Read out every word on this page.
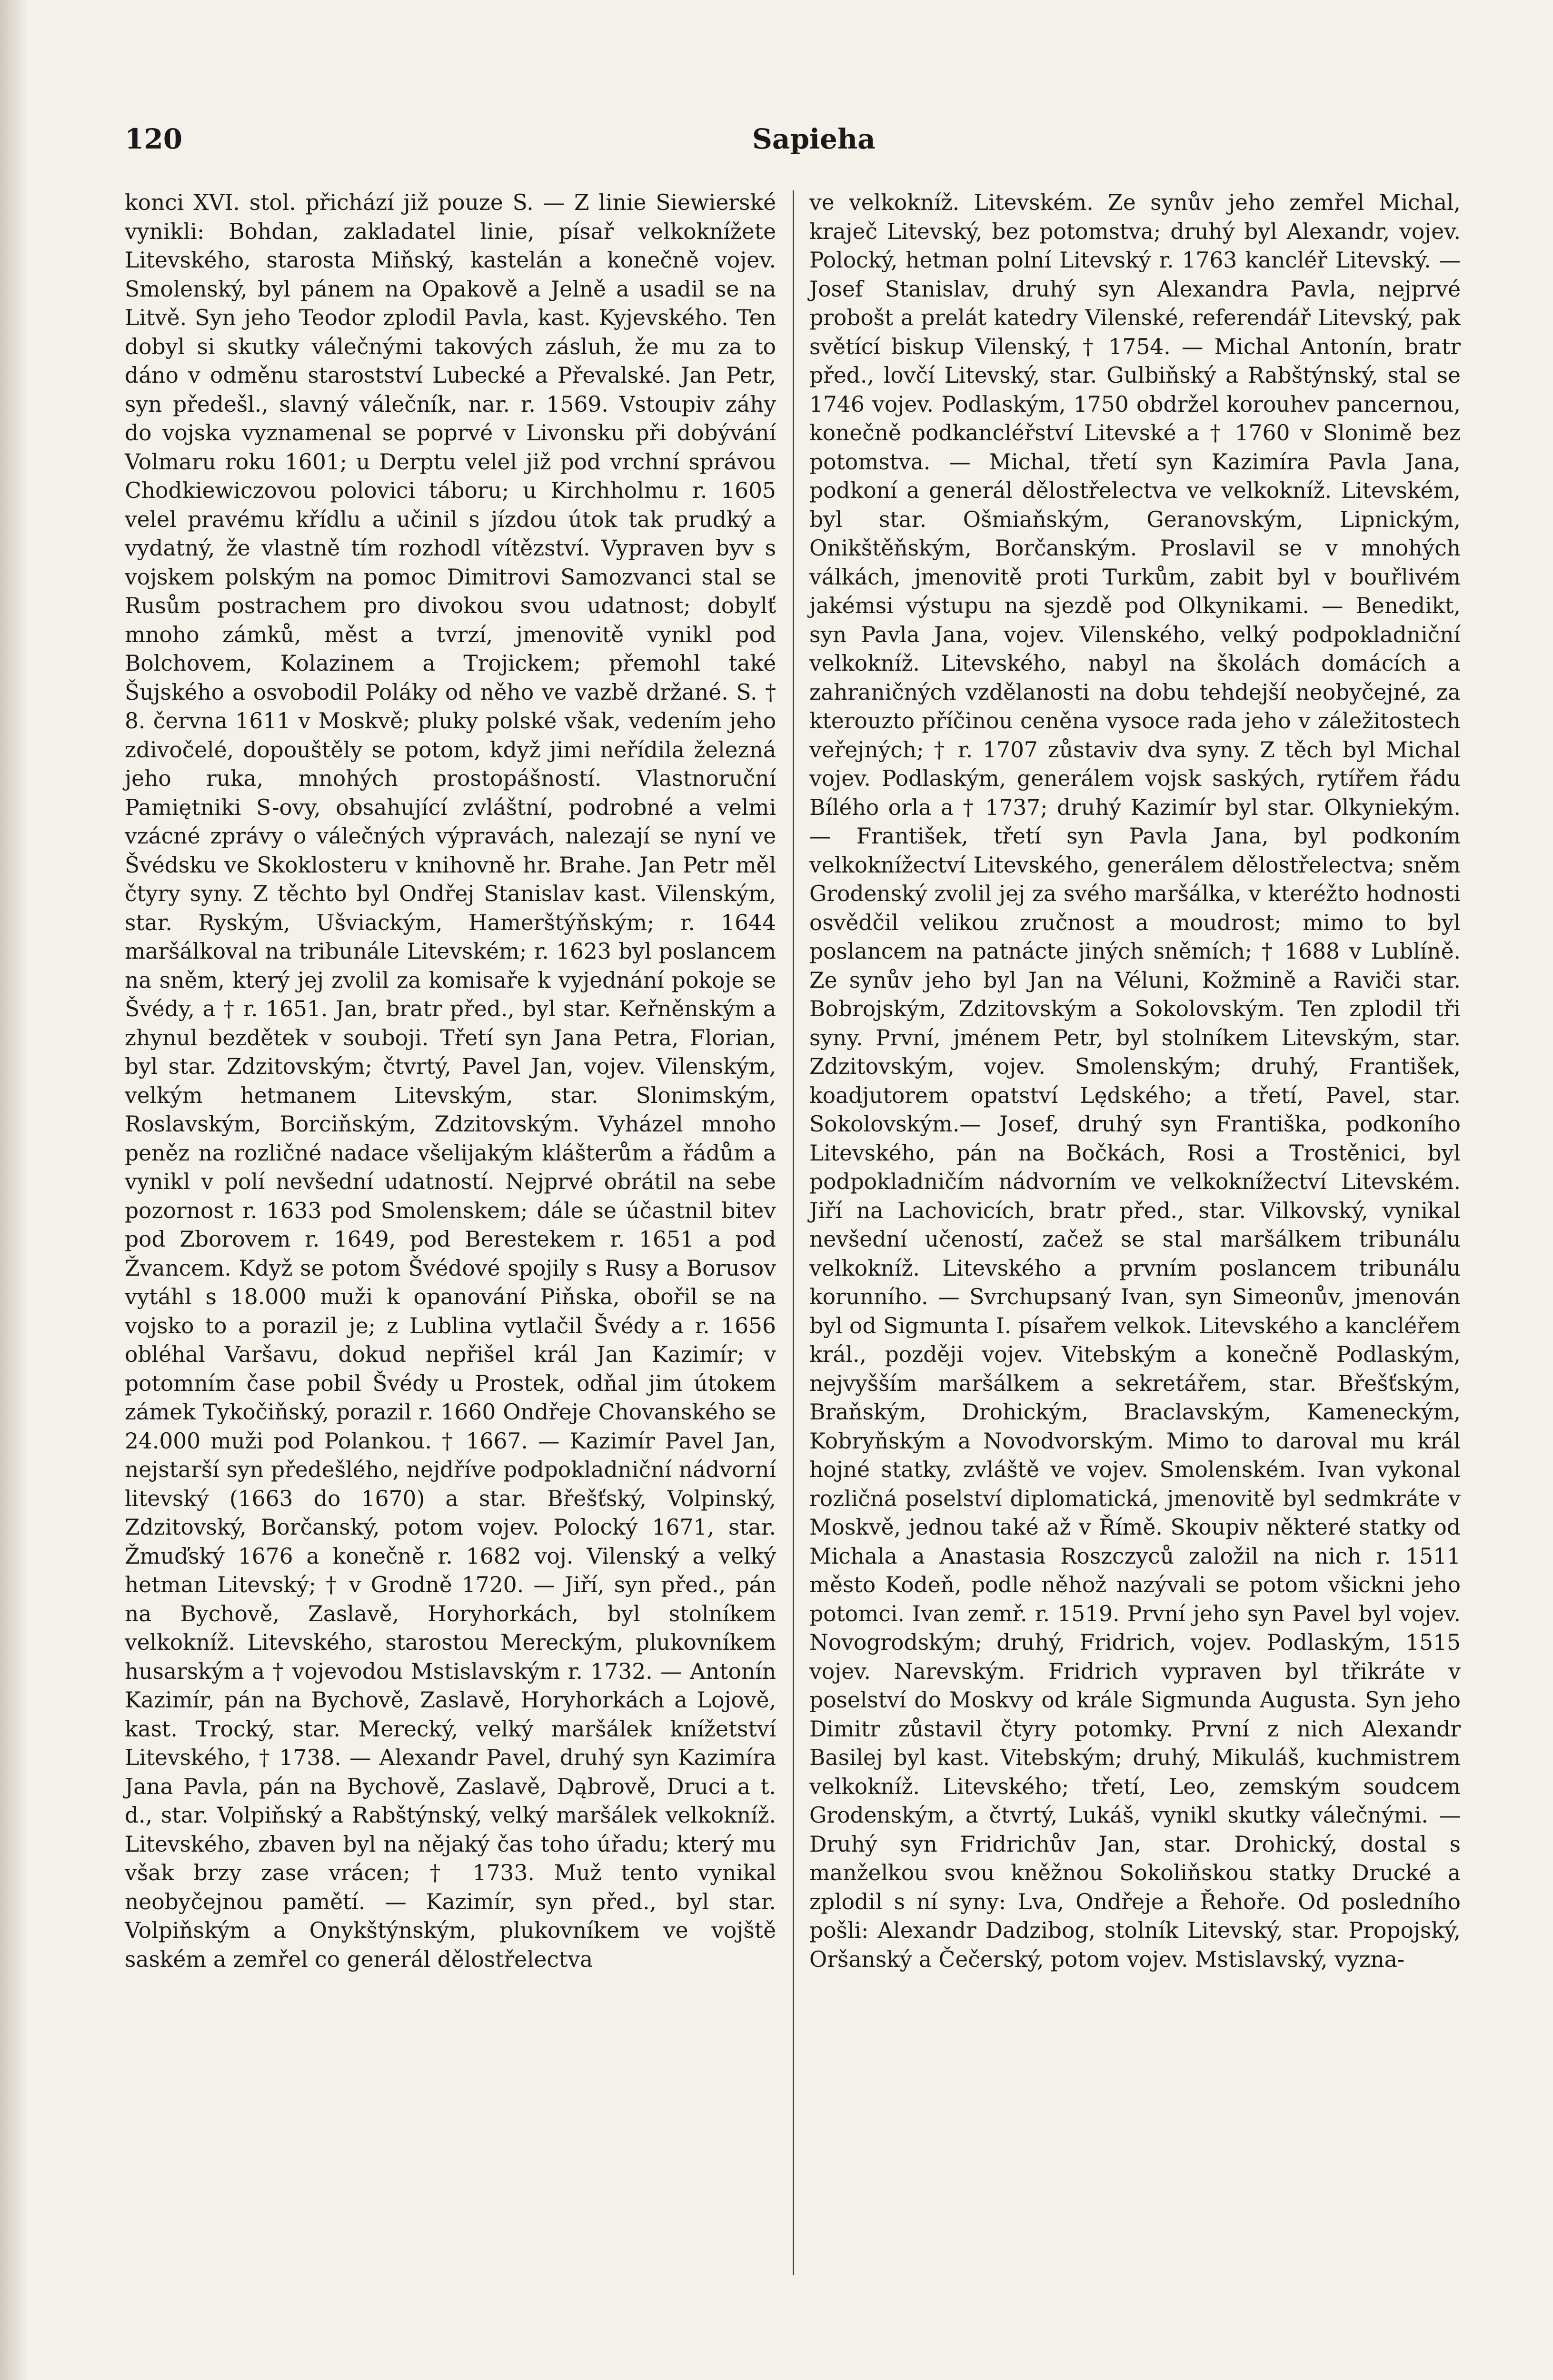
120	Sapieha

konci XVI. stol. přichází již pouze S. — Z linie Siewierské vynikli: Bohdan, zakladatel linie, písař velkoknížete Litevského, starosta Miňský, kastelán a konečně vojev. Smolenský, byl pánem na Opakově a Jelně a usadil se na Litvě. Syn jeho Teodor zplodil Pavla, kast. Kyjevského. Ten dobyl si skutky válečnými takových zásluh, že mu za to dáno v odměnu starostství Lubecké a Převalské. Jan Petr, syn předešl., slavný válečník, nar. r. 1569. Vstoupiv záhy do vojska vyznamenal se poprvé v Livonsku při dobývání Volmaru roku 1601; u Derptu velel již pod vrchní správou Chodkiewiczovou polovici táboru; u Kirchholmu r. 1605 velel pravému křídlu a učinil s jízdou útok tak prudký a vydatný, že vlastně tím rozhodl vítězství. Vypraven byv s vojskem polským na pomoc Dimitrovi Samozvanci stal se Rusům postrachem pro divokou svou udatnost; dobylť mnoho zámků, měst a tvrzí, jmenovitě vynikl pod Bolchovem, Kolazinem a Trojickem; přemohl také Šujského a osvobodil Poláky od něho ve vazbě držané. S. † 8. června 1611 v Moskvě; pluky polské však, vedením jeho zdivočelé, dopouštěly se potom, když jimi neřídila železná jeho ruka, mnohých prostopášností. Vlastnoruční Pamiętniki S-ovy, obsahující zvláštní, podrobné a velmi vzácné zprávy o válečných výpravách, nalezají se nyní ve Švédsku ve Skoklosteru v knihovně hr. Brahe. Jan Petr měl čtyry syny. Z těchto byl Ondřej Stanislav kast. Vilenským, star. Ryským, Ušviackým, Hamerštýňským; r. 1644 maršálkoval na tribunále Litevském; r. 1623 byl poslancem na sněm, který jej zvolil za komisaře k vyjednání pokoje se Švédy, a † r. 1651. Jan, bratr před., byl star. Keřněnským a zhynul bezdětek v souboji. Třetí syn Jana Petra, Florian, byl star. Zdzitovským; čtvrtý, Pavel Jan, vojev. Vilenským, velkým hetmanem Litevským, star. Slonimským, Roslavským, Borciňským, Zdzitovským. Vyházel mnoho peněz na rozličné nadace všelijakým klášterům a řádům a vynikl v polí nevšední udatností. Nejprvé obrátil na sebe pozornost r. 1633 pod Smolenskem; dále se účastnil bitev pod Zborovem r. 1649, pod Berestekem r. 1651 a pod Žvancem. Když se potom Švédové spojily s Rusy a Borusov vytáhl s 18.000 muži k opanování Piňska, obořil se na vojsko to a porazil je; z Lublina vytlačil Švédy a r. 1656 obléhal Varšavu, dokud nepřišel král Jan Kazimír; v potomním čase pobil Švédy u Prostek, odňal jim útokem zámek Tykočiňský, porazil r. 1660 Ondřeje Chovanského se 24.000 muži pod Polankou. † 1667. — Kazimír Pavel Jan, nejstarší syn předešlého, nejdříve podpokladniční nádvorní litevský (1663 do 1670) a star. Břešťský, Volpinský, Zdzitovský, Borčanský, potom vojev. Polocký 1671, star. Žmuďský 1676 a konečně r. 1682 voj. Vilenský a velký hetman Litevský; † v Grodně 1720. — Jiří, syn před., pán na Bychově, Zaslavě, Horyhorkách, byl stolníkem velkokníž. Litevského, starostou Mereckým, plukovníkem husarským a † vojevodou Mstislavským r. 1732. — Antonín Kazimír, pán na Bychově, Zaslavě, Horyhorkách a Lojově, kast. Trocký, star. Merecký, velký maršálek knížetství Litevského, † 1738. — Alexandr Pavel, druhý syn Kazimíra Jana Pavla, pán na Bychově, Zaslavě, Dąbrově, Druci a t. d., star. Volpiňský a Rabštýnský, velký maršálek velkokníž. Litevského, zbaven byl na nějaký čas toho úřadu; který mu však brzy zase vrácen; † 1733. Muž tento vynikal neobyčejnou pamětí. — Kazimír, syn před., byl star. Volpiňským a Onykštýnským, plukovníkem ve vojště saském a zemřel co generál dělostřelectva

ve velkokníž. Litevském. Ze synův jeho zemřel Michal, kraječ Litevský, bez potomstva; druhý byl Alexandr, vojev. Polocký, hetman polní Litevský r. 1763 kancléř Litevský. — Josef Stanislav, druhý syn Alexandra Pavla, nejprvé probošt a prelát katedry Vilenské, referendář Litevský, pak světící biskup Vilenský, † 1754. — Michal Antonín, bratr před., lovčí Litevský, star. Gulbiňský a Rabštýnský, stal se 1746 vojev. Podlaským, 1750 obdržel korouhev pancernou, konečně podkancléřství Litevské a † 1760 v Slonimě bez potomstva. — Michal, třetí syn Kazimíra Pavla Jana, podkoní a generál dělostřelectva ve velkokníž. Litevském, byl star. Ošmiaňským, Geranovským, Lipnickým, Onikštěňským, Borčanským. Proslavil se v mnohých válkách, jmenovitě proti Turkům, zabit byl v bouřlivém jakémsi výstupu na sjezdě pod Olkynikami. — Benedikt, syn Pavla Jana, vojev. Vilenského, velký podpokladniční velkokníž. Litevského, nabyl na školách domácích a zahraničných vzdělanosti na dobu tehdejší neobyčejné, za kterouzto příčinou ceněna vysoce rada jeho v záležitostech veřejných; † r. 1707 zůstaviv dva syny. Z těch byl Michal vojev. Podlaským, generálem vojsk saských, rytířem řádu Bílého orla a † 1737; druhý Kazimír byl star. Olkyniekým. — František, třetí syn Pavla Jana, byl podkoním velkoknížectví Litevského, generálem dělostřelectva; sněm Grodenský zvolil jej za svého maršálka, v kteréžto hodnosti osvědčil velikou zručnost a moudrost; mimo to byl poslancem na patnácte jiných sněmích; † 1688 v Lublíně. Ze synův jeho byl Jan na Véluni, Kožmině a Raviči star. Bobrojským, Zdzitovským a Sokolovským. Ten zplodil tři syny. První, jménem Petr, byl stolníkem Litevským, star. Zdzitovským, vojev. Smolenským; druhý, František, koadjutorem opatství Lędského; a třetí, Pavel, star. Sokolovským.— Josef, druhý syn Františka, podkoního Litevského, pán na Bočkách, Rosi a Trostěnici, byl podpokladničím nádvorním ve velkoknížectví Litevském. Jiří na Lachovicích, bratr před., star. Vilkovský, vynikal nevšední učeností, začež se stal maršálkem tribunálu velkokníž. Litevského a prvním poslancem tribunálu korunního. — Svrchupsaný Ivan, syn Simeonův, jmenován byl od Sigmunta I. písařem velkok. Litevského a kancléřem král., později vojev. Vitebským a konečně Podlaským, nejvyšším maršálkem a sekretářem, star. Břešťským, Braňským, Drohickým, Braclavským, Kameneckým, Kobryňským a Novodvorským. Mimo to daroval mu král hojné statky, zvláště ve vojev. Smolenském. Ivan vykonal rozličná poselství diplomatická, jmenovitě byl sedmkráte v Moskvě, jednou také až v Římě. Skoupiv některé statky od Michala a Anastasia Roszczyců založil na nich r. 1511 město Kodeň, podle něhož nazývali se potom všickni jeho potomci. Ivan zemř. r. 1519. První jeho syn Pavel byl vojev. Novogrodským; druhý, Fridrich, vojev. Podlaským, 1515 vojev. Narevským. Fridrich vypraven byl třikráte v poselství do Moskvy od krále Sigmunda Augusta. Syn jeho Dimitr zůstavil čtyry potomky. První z nich Alexandr Basilej byl kast. Vitebským; druhý, Mikuláš, kuchmistrem velkokníž. Litevského; třetí, Leo, zemským soudcem Grodenským, a čtvrtý, Lukáš, vynikl skutky válečnými. — Druhý syn Fridrichův Jan, star. Drohický, dostal s manželkou svou kněžnou Sokoliňskou statky Drucké a zplodil s ní syny: Lva, Ondřeje a Řehoře. Od posledního pošli: Alexandr Dadzibog, stolník Litevský, star. Propojský, Oršanský a Čečerský, potom vojev. Mstislavský, vyzna-
